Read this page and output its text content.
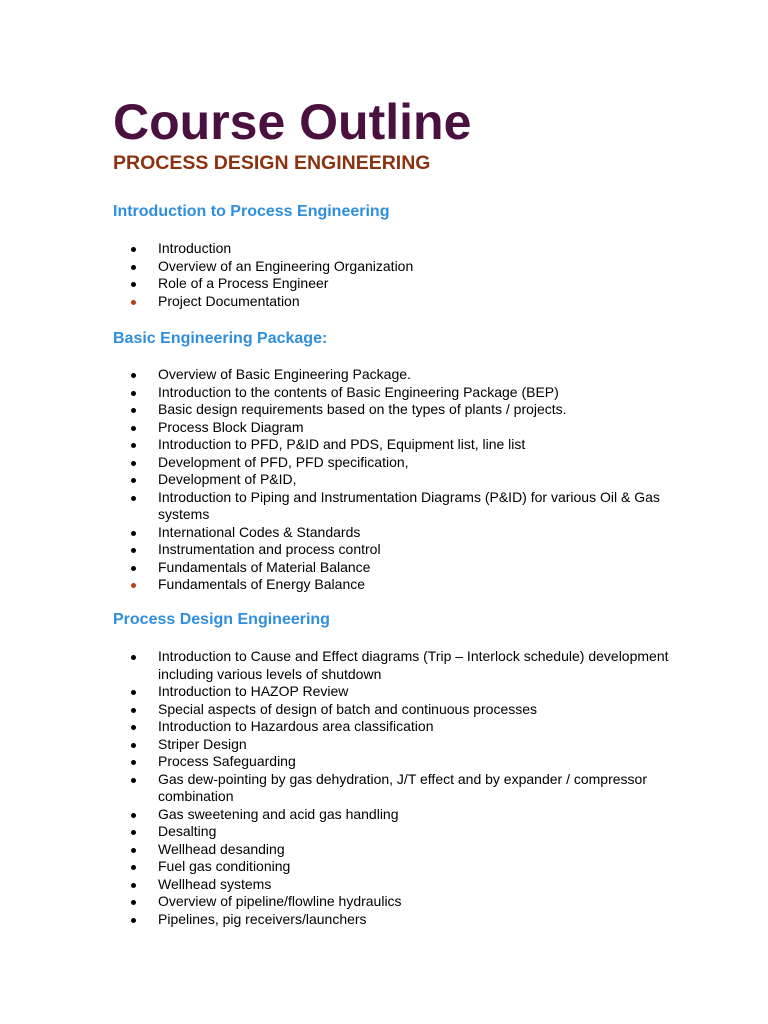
Course Outline
PROCESS DESIGN ENGINEERING
Introduction to Process Engineering
Introduction
Overview of an Engineering Organization
Role of a Process Engineer
Project Documentation
Basic Engineering Package:
Overview of Basic Engineering Package.
Introduction to the contents of Basic Engineering Package (BEP)
Basic design requirements based on the types of plants / projects.
Process Block Diagram
Introduction to PFD, P&ID and PDS, Equipment list, line list
Development of PFD, PFD specification,
Development of P&ID,
Introduction to Piping and Instrumentation Diagrams (P&ID) for various Oil & Gas systems
International Codes & Standards
Instrumentation and process control
Fundamentals of Material Balance
Fundamentals of Energy Balance
Process Design Engineering
Introduction to Cause and Effect diagrams (Trip – Interlock schedule) development including various levels of shutdown
Introduction to HAZOP Review
Special aspects of design of batch and continuous processes
Introduction to Hazardous area classification
Striper Design
Process Safeguarding
Gas dew-pointing by gas dehydration, J/T effect and by expander / compressor combination
Gas sweetening and acid gas handling
Desalting
Wellhead desanding
Fuel gas conditioning
Wellhead systems
Overview of pipeline/flowline hydraulics
Pipelines, pig receivers/launchers
